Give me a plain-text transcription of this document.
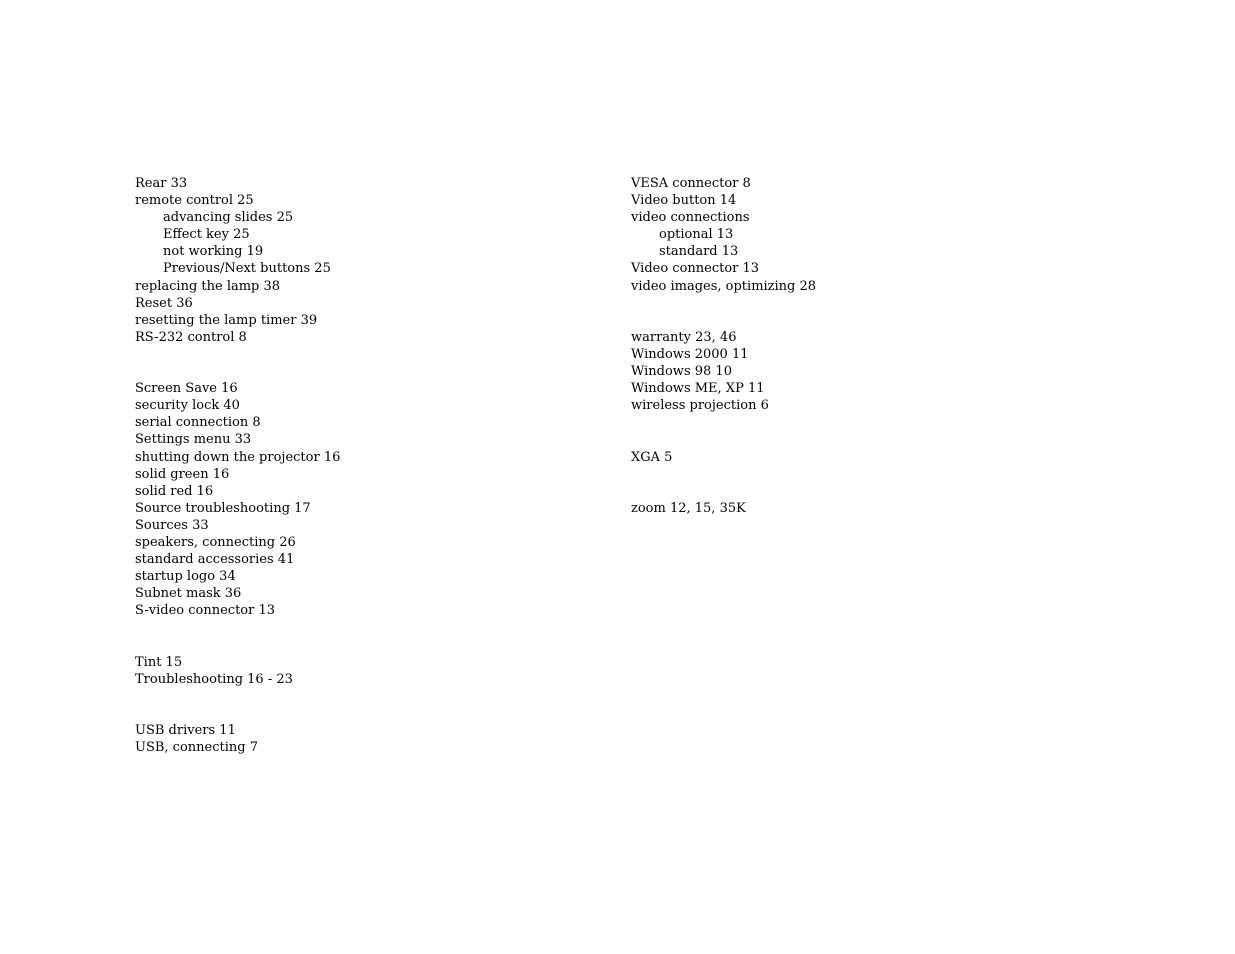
Rear 33
remote control 25
advancing slides 25
Effect key 25
not working 19
Previous/Next buttons 25
replacing the lamp 38
Reset 36
resetting the lamp timer 39
RS-232 control 8
Screen Save 16
security lock 40
serial connection 8
Settings menu 33
shutting down the projector 16
solid green 16
solid red 16
Source troubleshooting 17
Sources 33
speakers, connecting 26
standard accessories 41
startup logo 34
Subnet mask 36
S-video connector 13
Tint 15
Troubleshooting 16 - 23
USB drivers 11
USB, connecting 7
VESA connector 8
Video button 14
video connections
optional 13
standard 13
Video connector 13
video images, optimizing 28
warranty 23, 46
Windows 2000 11
Windows 98 10
Windows ME, XP 11
wireless projection 6
XGA 5
zoom 12, 15, 35K
